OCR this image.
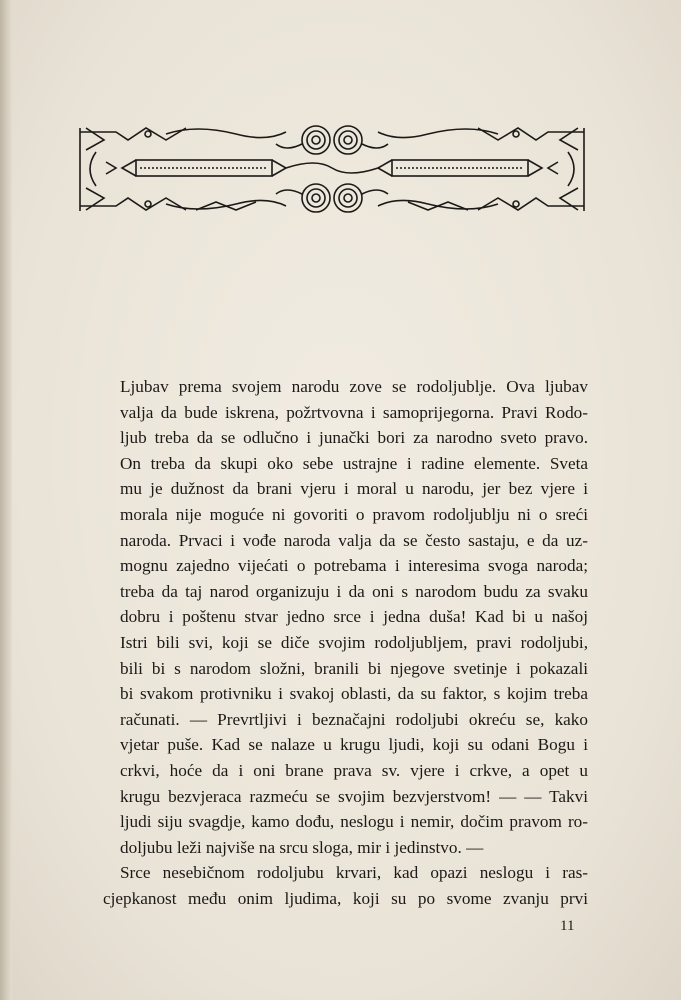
Ljubav prema svojem narodu zove se rodoljublje. Ova ljubav
valja da bude iskrena, požrtvovna i samoprijegorna. Pravi Rodo-
ljub treba da se odlučno i junački bori za narodno sveto pravo.
On treba da skupi oko sebe ustrajne i radine elemente. Sveta
mu je dužnost da brani vjeru i moral u narodu, jer bez vjere i
morala nije moguće ni govoriti o pravom rodoljublju ni o sreći
naroda. Prvaci i vođe naroda valja da se često sastaju, e da uz-
mognu zajedno vijećati o potrebama i interesima svoga naroda;
treba da taj narod organizuju i da oni s narodom budu za svaku
dobru i poštenu stvar jedno srce i jedna duša! Kad bi u našoj
Istri bili svi, koji se diče svojim rodoljubljem, pravi rodoljubi,
bili bi s narodom složni, branili bi njegove svetinje i pokazali
bi svakom protivniku i svakoj oblasti, da su faktor, s kojim treba
računati. — Prevrtljivi i beznačajni rodoljubi okreću se, kako
vjetar puše. Kad se nalaze u krugu ljudi, koji su odani Bogu i
crkvi, hoće da i oni brane prava sv. vjere i crkve, a opet u
krugu bezvjeraca razmeću se svojim bezvjerstvom! — — Takvi
ljudi siju svagdje, kamo dođu, neslogu i nemir, dočim pravom ro-
doljubu leži najviše na srcu sloga, mir i jedinstvo. —
Srce nesebičnom rodoljubu krvari, kad opazi neslogu i ras-
cjepkanost među onim ljudima, koji su po svome zvanju prvi
11
